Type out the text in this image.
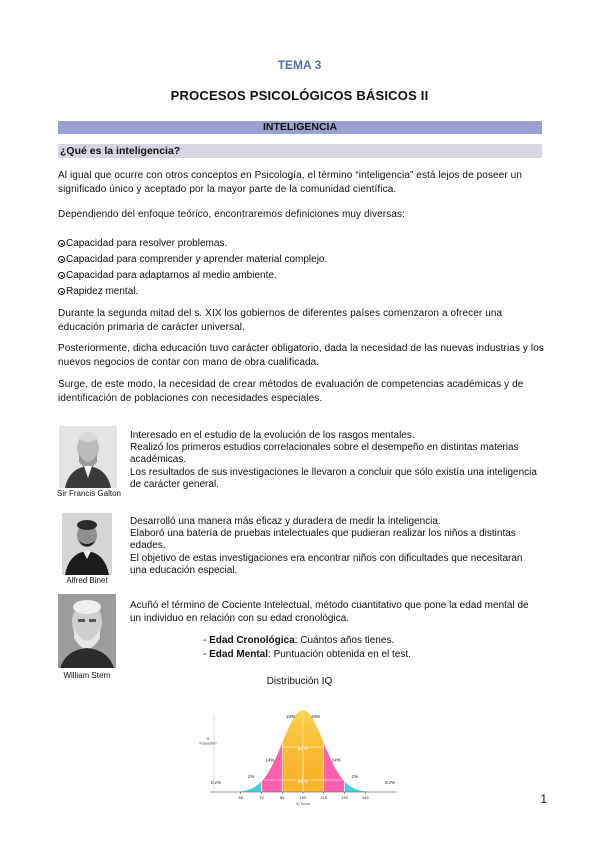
TEMA 3
PROCESOS PSICOLÓGICOS BÁSICOS II
INTELIGENCIA
¿Qué es la inteligencia?
Al igual que ocurre con otros conceptos en Psicología, el término “inteligencia” está lejos de poseer un significado único y aceptado por la mayor parte de la comunidad científica.
Dependiendo del enfoque teórico, encontraremos definiciones muy diversas:
Capacidad para resolver problemas.
Capacidad para comprender y aprender material complejo.
Capacidad para adaptarnos al medio ambiente.
Rapidez mental.
Durante la segunda mitad del s. XIX los gobiernos de diferentes países comenzaron a ofrecer una educación primaria de carácter universal.
Posteriormente, dicha educación tuvo carácter obligatorio, dada la necesidad de las nuevas industrias y los nuevos negocios de contar con mano de obra cualificada.
Surge, de este modo, la necesidad de crear métodos de evaluación de competencias académicas y de identificación de poblaciones con necesidades especiales.
Sir Francis Galton
Interesado en el estudio de la evolución de los rasgos mentales.
Realizó los primeros estudios correlacionales sobre el desempeño en distintas materias académicas.
Los resultados de sus investigaciones le llevaron a concluir que sólo existía una inteligencia de carácter general.
Alfred Binet
Desarrolló una manera más eficaz y duradera de medir la inteligencia.
Elaboró una batería de pruebas intelectuales que pudieran realizar los niños a distintas edades.
El objetivo de estas investigaciones era encontrar niños con dificultades que necesitaran una educación especial.
William Stern
Acuñó el término de Cociente Intelectual, método cuantitativo que pone la edad mental de un individuo en relación con su edad cronológica.
- Edad Cronológica: Cuántos años tienes.
- Edad Mental: Puntuación obtenida en el test.
Distribución IQ
68 %
95 %
0.1%
2%
14%
34%	34%
14%
2%
0.1%
55	70	85	100	115	130	145
IQ Score
% Population
1
